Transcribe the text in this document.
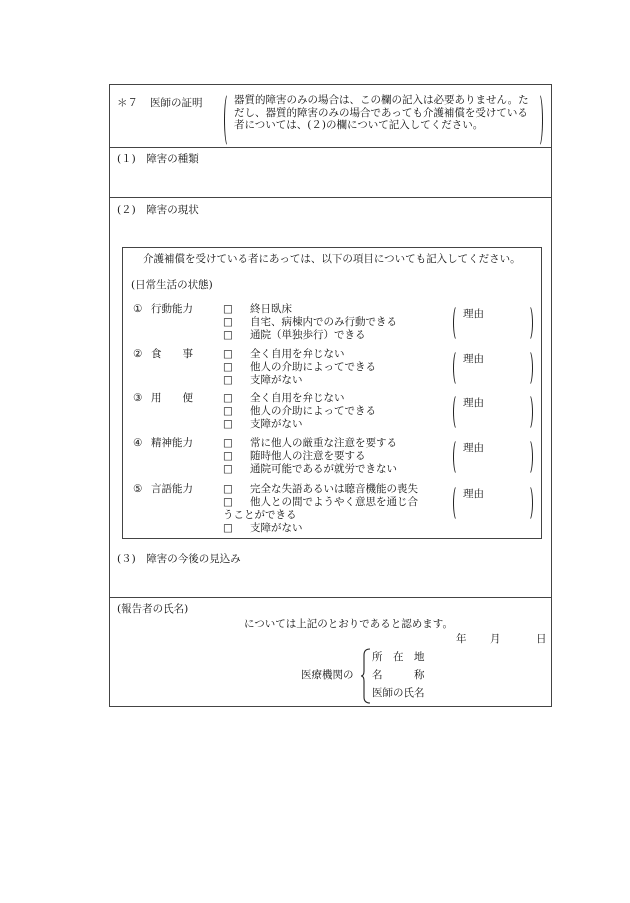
＊７ 医師の証明	器質的障害のみの場合は、この欄の記入は必要ありません。ただし、器質的障害のみの場合であっても介護補償を受けている者については、(２)の欄について記入してください。
(１)　障害の種類
(２)　障害の現状
介護補償を受けている者にあっては、以下の項目についても記入してください。
(日常生活の状態)
① 行動能力	□ 終日臥床
□ 自宅、病棟内でのみ行動できる
□ 通院（単独歩行）できる
理由
② 食　　事	□ 全く自用を弁じない
□ 他人の介助によってできる
□ 支障がない
理由
③ 用　　便	□ 全く自用を弁じない
□ 他人の介助によってできる
□ 支障がない
理由
④ 精神能力	□ 常に他人の厳重な注意を要する
□ 随時他人の注意を要する
□ 通院可能であるが就労できない
理由
⑤ 言語能力	□ 完全な失語あるいは聴音機能の喪失
□ 他人との間でようやく意思を通じ合
うことができる
□ 支障がない
理由
(３)　障害の今後の見込み
(報告者の氏名)
については上記のとおりであると認めます。
年 月	日
医療機関の
所　在　地
名　　　称
医師の氏名
